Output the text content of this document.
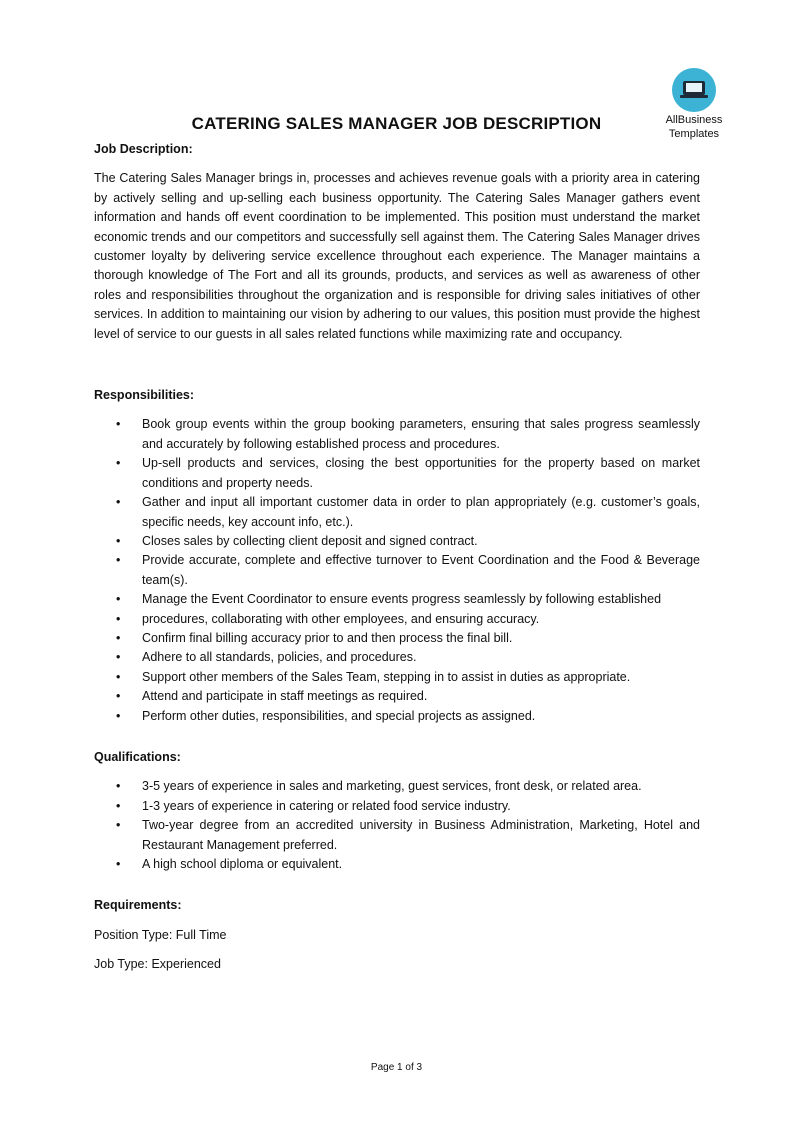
AllBusiness
Templates
CATERING SALES MANAGER JOB DESCRIPTION

Job Description:

The Catering Sales Manager brings in, processes and achieves revenue goals with a priority area in catering by actively selling and up-selling each business opportunity. The Catering Sales Manager gathers event information and hands off event coordination to be implemented. This position must understand the market economic trends and our competitors and successfully sell against them. The Catering Sales Manager drives customer loyalty by delivering service excellence throughout each experience. The Manager maintains a thorough knowledge of The Fort and all its grounds, products, and services as well as awareness of other roles and responsibilities throughout the organization and is responsible for driving sales initiatives of other services. In addition to maintaining our vision by adhering to our values, this position must provide the highest level of service to our guests in all sales related functions while maximizing rate and occupancy.

Responsibilities:

• Book group events within the group booking parameters, ensuring that sales progress seamlessly and accurately by following established process and procedures.
• Up-sell products and services, closing the best opportunities for the property based on market conditions and property needs.
• Gather and input all important customer data in order to plan appropriately (e.g. customer’s goals, specific needs, key account info, etc.).
• Closes sales by collecting client deposit and signed contract.
• Provide accurate, complete and effective turnover to Event Coordination and the Food & Beverage team(s).
• Manage the Event Coordinator to ensure events progress seamlessly by following established
• procedures, collaborating with other employees, and ensuring accuracy.
• Confirm final billing accuracy prior to and then process the final bill.
• Adhere to all standards, policies, and procedures.
• Support other members of the Sales Team, stepping in to assist in duties as appropriate.
• Attend and participate in staff meetings as required.
• Perform other duties, responsibilities, and special projects as assigned.

Qualifications:

• 3-5 years of experience in sales and marketing, guest services, front desk, or related area.
• 1-3 years of experience in catering or related food service industry.
• Two-year degree from an accredited university in Business Administration, Marketing, Hotel and Restaurant Management preferred.
• A high school diploma or equivalent.

Requirements:

Position Type: Full Time

Job Type: Experienced

Page 1 of 3
